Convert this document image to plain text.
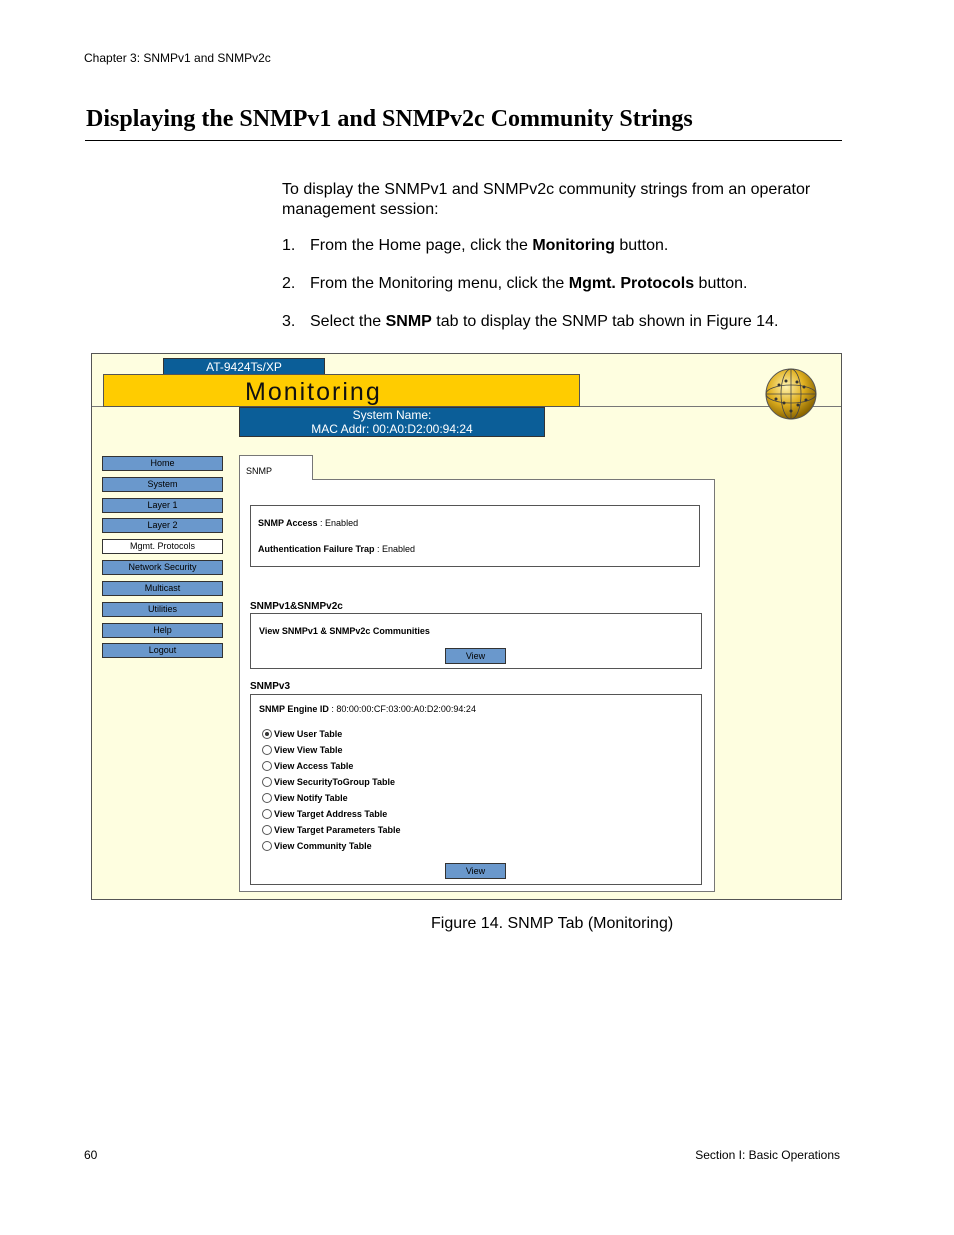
Chapter 3: SNMPv1 and SNMPv2c
Displaying the SNMPv1 and SNMPv2c Community Strings
To display the SNMPv1 and SNMPv2c community strings from an operator management session:
1. From the Home page, click the Monitoring button.
2. From the Monitoring menu, click the Mgmt. Protocols button.
3. Select the SNMP tab to display the SNMP tab shown in Figure 14.
AT-9424Ts/XP
Monitoring
System Name:
MAC Addr: 00:A0:D2:00:94:24
Home
System
Layer 1
Layer 2
Mgmt. Protocols
Network Security
Multicast
Utilities
Help
Logout
SNMP Access : Enabled
Authentication Failure Trap : Enabled
SNMPv1&SNMPv2c
View SNMPv1 & SNMPv2c Communities
View
SNMPv3
SNMP Engine ID : 80:00:00:CF:03:00:A0:D2:00:94:24
View User Table
View View Table
View Access Table
View SecurityToGroup Table
View Notify Table
View Target Address Table
View Target Parameters Table
View Community Table
View
SNMP
Figure 14. SNMP Tab (Monitoring)
60	Section I: Basic Operations
